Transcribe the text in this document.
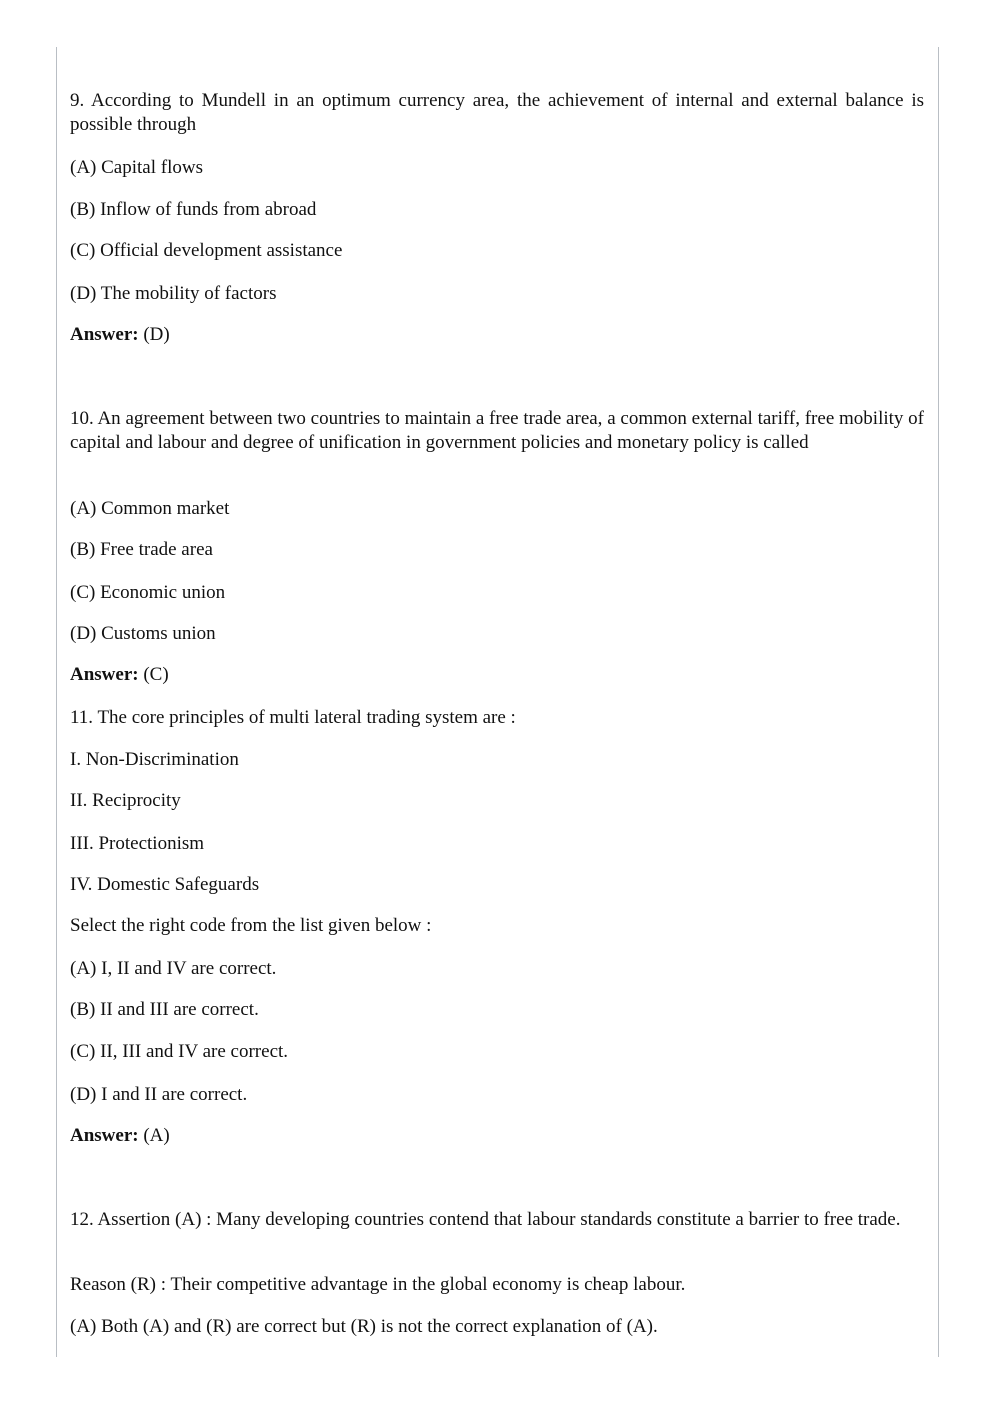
9. According to Mundell in an optimum currency area, the achievement of internal and external balance is possible through
(A) Capital flows
(B) Inflow of funds from abroad
(C) Official development assistance
(D) The mobility of factors
Answer: (D)
10. An agreement between two countries to maintain a free trade area, a common external tariff, free mobility of capital and labour and degree of unification in government policies and monetary policy is called
(A) Common market
(B) Free trade area
(C) Economic union
(D) Customs union
Answer: (C)
11. The core principles of multi lateral trading system are :
I. Non-Discrimination
II. Reciprocity
III. Protectionism
IV. Domestic Safeguards
Select the right code from the list given below :
(A) I, II and IV are correct.
(B) II and III are correct.
(C) II, III and IV are correct.
(D) I and II are correct.
Answer: (A)
12. Assertion (A) : Many developing countries contend that labour standards constitute a barrier to free trade.
Reason (R) : Their competitive advantage in the global economy is cheap labour.
(A) Both (A) and (R) are correct but (R) is not the correct explanation of (A).
